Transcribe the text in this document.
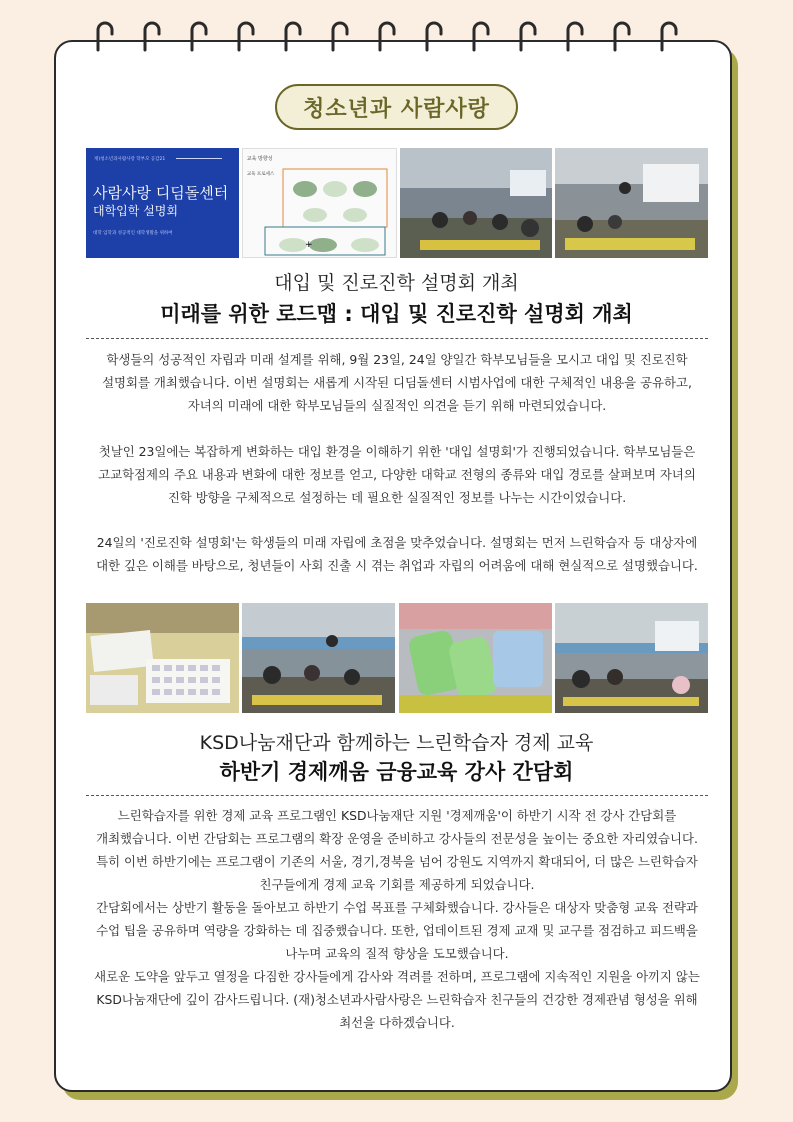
청소년과 사람사랑
재)청소년과사람사랑 학부모 공감21
사람사랑 디딤돌센터
대학입학 설명회
대학 입학과 성공적인 대학생활을 위하여
교육 방향성
교육 프로세스
+
대입 및 진로진학 설명회 개최
미래를 위한 로드맵 : 대입 및 진로진학 설명회 개최
학생들의 성공적인 자립과 미래 설계를 위해, 9월 23일, 24일 양일간 학부모님들을 모시고 대입 및 진로진학
설명회를 개최했습니다. 이번 설명회는 새롭게 시작된 디딤돌센터 시범사업에 대한 구체적인 내용을 공유하고,
자녀의 미래에 대한 학부모님들의 실질적인 의견을 듣기 위해 마련되었습니다.
첫날인 23일에는 복잡하게 변화하는 대입 환경을 이해하기 위한 '대입 설명회'가 진행되었습니다. 학부모님들은
고교학점제의 주요 내용과 변화에 대한 정보를 얻고, 다양한 대학교 전형의 종류와 대입 경로를 살펴보며 자녀의
진학 방향을 구체적으로 설정하는 데 필요한 실질적인 정보를 나누는 시간이었습니다.
24일의 '진로진학 설명회'는 학생들의 미래 자립에 초점을 맞추었습니다. 설명회는 먼저 느린학습자 등 대상자에
대한 깊은 이해를 바탕으로, 청년들이 사회 진출 시 겪는 취업과 자립의 어려움에 대해 현실적으로 설명했습니다.
KSD나눔재단과 함께하는 느린학습자 경제 교육
하반기 경제깨움 금융교육 강사 간담회
느린학습자를 위한 경제 교육 프로그램인 KSD나눔재단 지원 '경제깨움'이 하반기 시작 전 강사 간담회를
개최했습니다. 이번 간담회는 프로그램의 확장 운영을 준비하고 강사들의 전문성을 높이는 중요한 자리였습니다.
특히 이번 하반기에는 프로그램이 기존의 서울, 경기,경북을 넘어 강원도 지역까지 확대되어, 더 많은 느린학습자
친구들에게 경제 교육 기회를 제공하게 되었습니다.
간담회에서는 상반기 활동을 돌아보고 하반기 수업 목표를 구체화했습니다. 강사들은 대상자 맞춤형 교육 전략과
수업 팁을 공유하며 역량을 강화하는 데 집중했습니다. 또한, 업데이트된 경제 교재 및 교구를 점검하고 피드백을
나누며 교육의 질적 향상을 도모했습니다.
새로운 도약을 앞두고 열정을 다짐한 강사들에게 감사와 격려를 전하며, 프로그램에 지속적인 지원을 아끼지 않는
KSD나눔재단에 깊이 감사드립니다. (재)청소년과사람사랑은 느린학습자 친구들의 건강한 경제관념 형성을 위해
최선을 다하겠습니다.
